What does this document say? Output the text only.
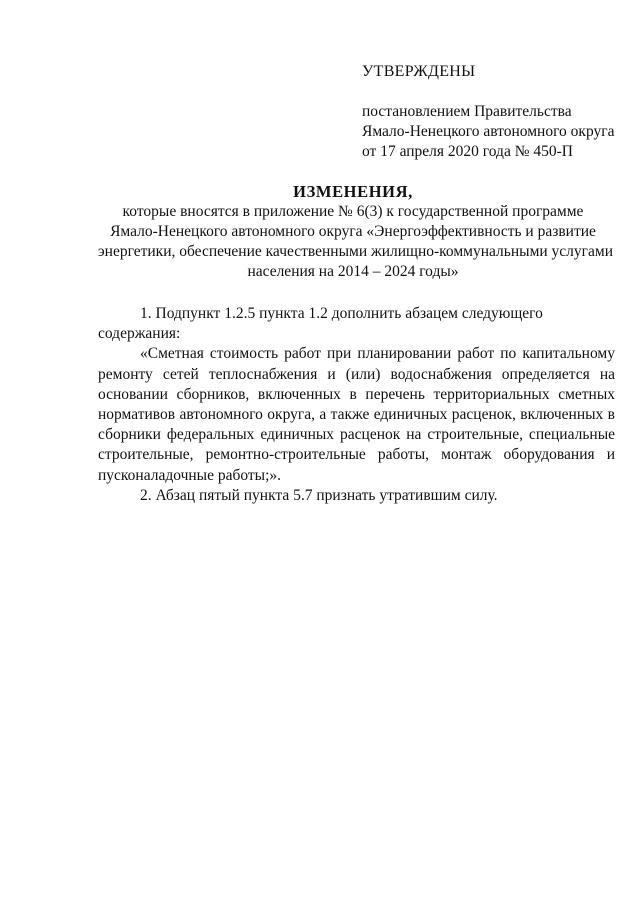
УТВЕРЖДЕНЫ
постановлением Правительства
Ямало-Ненецкого автономного округа
от 17 апреля 2020 года № 450-П
ИЗМЕНЕНИЯ,
которые вносятся в приложение № 6(3) к государственной программе
Ямало-Ненецкого автономного округа «Энергоэффективность и развитие
энергетики, обеспечение качественными жилищно-коммунальными услугами
населения на 2014 – 2024 годы»

1. Подпункт 1.2.5 пункта 1.2 дополнить абзацем следующего содержания:

«Сметная стоимость работ при планировании работ по капитальному

ремонту сетей теплоснабжения и (или) водоснабжения определяется на

основании сборников, включенных в перечень территориальных сметных

нормативов автономного округа, а также единичных расценок, включенных в

сборники федеральных единичных расценок на строительные, специальные

строительные, ремонтно-строительные работы, монтаж оборудования и

пусконаладочные работы;».

2. Абзац пятый пункта 5.7 признать утратившим силу.
